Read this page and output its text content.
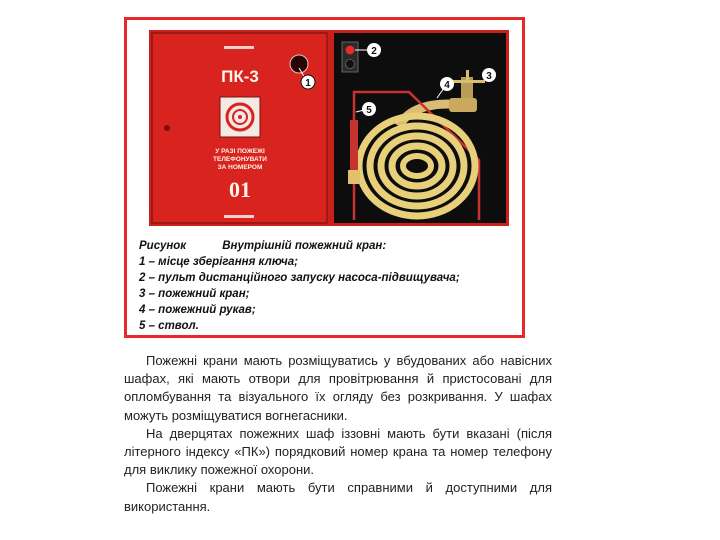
ПК-3
У РАЗІ ПОЖЕЖІ
ТЕЛЕФОНУВАТИ
ЗА НОМЕРОМ
01
1
2
3
4
5
Рисунок	Внутрішній пожежний кран:
1 – місце зберігання ключа;
2 – пульт дистанційного запуску насоса-підвищувача;
3 – пожежний кран;
4 – пожежний рукав;
5 – ствол.

Пожежні крани мають розміщуватись у вбудованих або навісних шафах, які мають отвори для провітрювання й пристосовані для опломбування та візуального їх огляду без розкривання. У шафах можуть розміщуватися вогнегасники.

На дверцятах пожежних шаф іззовні мають бути вказані (після літерного індексу «ПК») порядковий номер крана та номер телефону для виклику пожежної охорони.

Пожежні крани мають бути справними й доступними для використання.
